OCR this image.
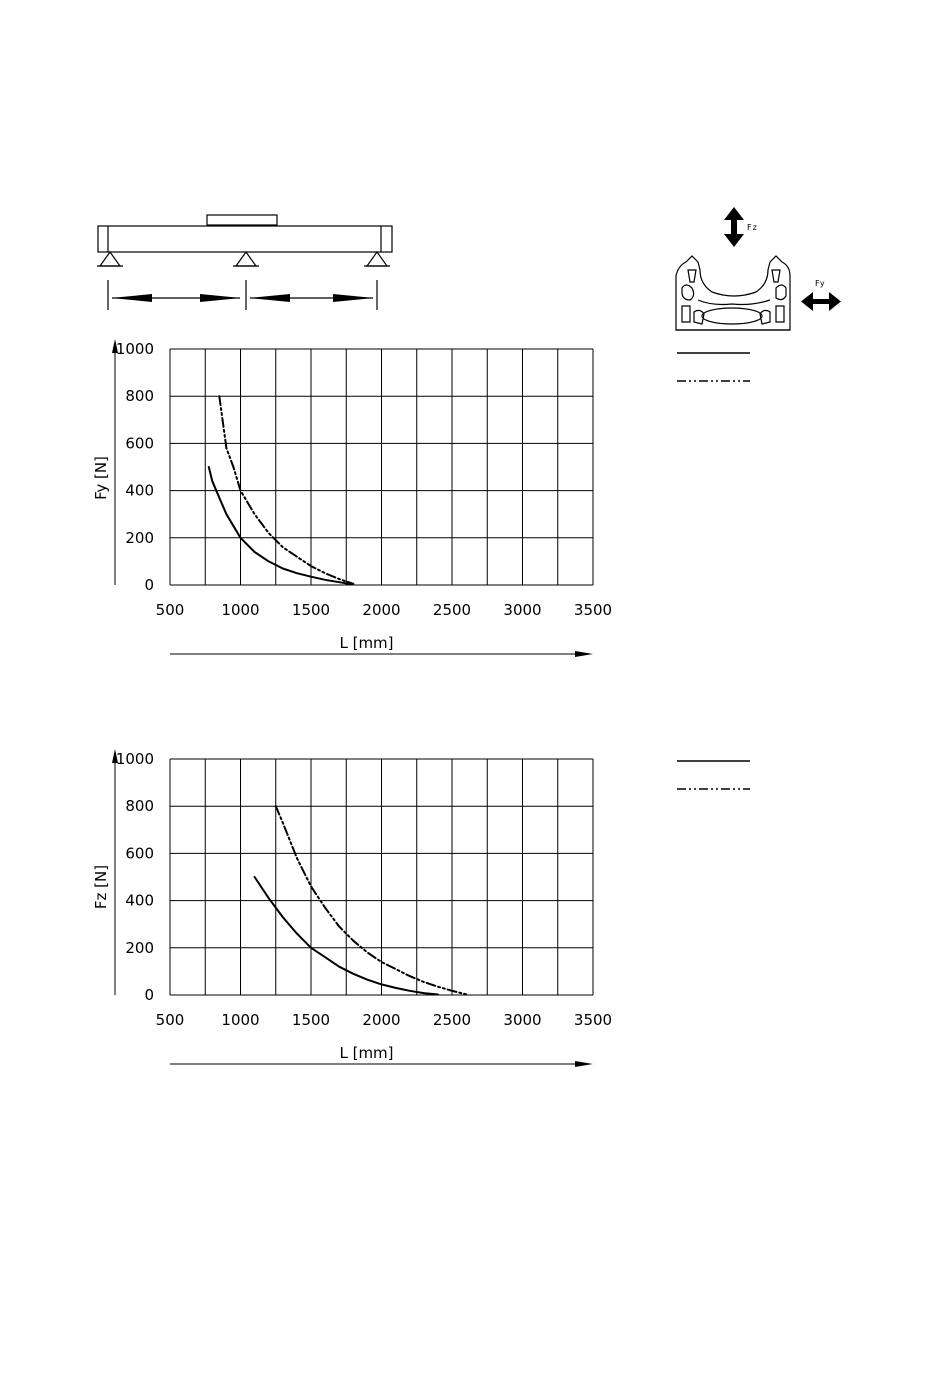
Fz
Fy
500 1000 1500 2000 2500 3000 3500
0
200
400
600
800
1000
L [mm]
Fy [N]
500 1000 1500 2000 2500 3000 3500
0
200
400
600
800
1000
L [mm]
Fz [N]
